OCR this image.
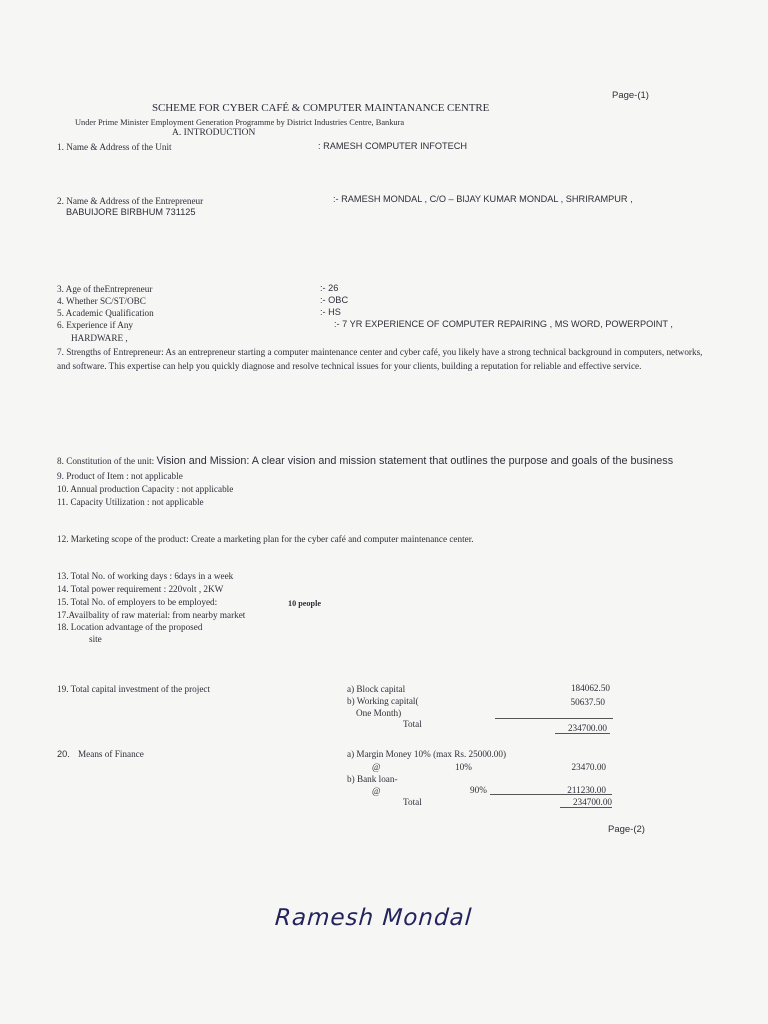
Page-(1)
SCHEME FOR CYBER CAFÉ & COMPUTER MAINTANANCE CENTRE
Under Prime Minister Employment Generation Programme by District Industries Centre, Bankura
A. INTRODUCTION
1. Name & Address of the Unit	: RAMESH COMPUTER INFOTECH
2. Name & Address of the Entrepreneur	:- RAMESH MONDAL , C/O – BIJAY KUMAR MONDAL , SHRIRAMPUR ,
BABUIJORE BIRBHUM 731125
3. Age of theEntrepreneur	:- 26
4. Whether SC/ST/OBC	:- OBC
5. Academic Qualification	:- HS
6. Experience if Any	:- 7 YR EXPERIENCE OF COMPUTER REPAIRING , MS WORD, POWERPOINT ,
HARDWARE ,
7. Strengths of Entrepreneur: As an entrepreneur starting a computer maintenance center and cyber café, you likely have a strong technical background in computers, networks, and software. This expertise can help you quickly diagnose and resolve technical issues for your clients, building a reputation for reliable and effective service.
8. Constitution of the unit: Vision and Mission: A clear vision and mission statement that outlines the purpose and goals of the business
9. Product of Item : not applicable
10. Annual production Capacity : not applicable
11. Capacity Utilization : not applicable
12. Marketing scope of the product: Create a marketing plan for the cyber café and computer maintenance center.
13. Total No. of working days : 6days in a week
14. Total power requirement : 220volt , 2KW
15. Total No. of employers to be employed:	10 people
17.Availbality of raw material: from nearby market
18. Location advantage of the proposed
site
19. Total capital investment of the project	a) Block capital	184062.50
b) Working capital(	50637.50
One Month)
Total	234700.00
20. Means of Finance	a) Margin Money 10% (max Rs. 25000.00)
@	10%	23470.00
b) Bank loan-
@	90%	211230.00
Total	234700.00
Page-(2)
Ramesh Mondal
